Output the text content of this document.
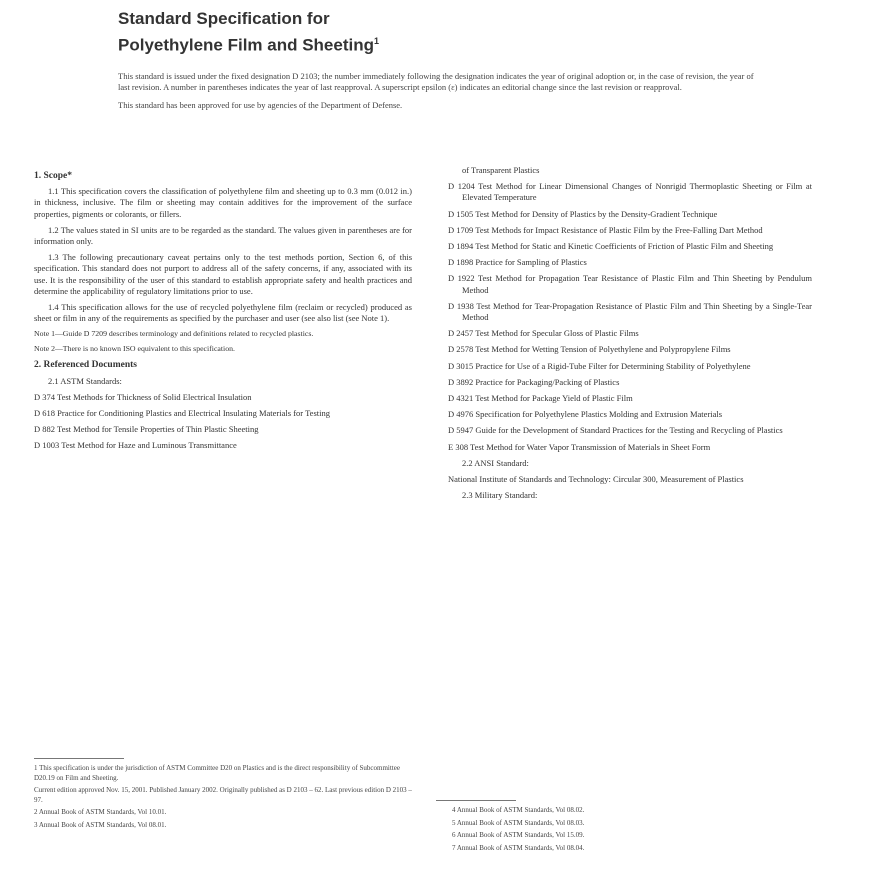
Standard Specification for
Polyethylene Film and Sheeting$^1$

This standard is issued under the fixed designation D 2103; the number immediately following the designation indicates the year of original adoption or, in the case of revision, the year of last revision. A number in parentheses indicates the year of last reapproval. A superscript epsilon (ε) indicates an editorial change since the last revision or reapproval.

This standard has been approved for use by agencies of the Department of Defense.

1. Scope*

1.1 This specification covers the classification of polyethylene film and sheeting up to 0.3 mm (0.012 in.) in thickness, inclusive. The film or sheeting may contain additives for the improvement of the surface properties, pigments or colorants, or fillers.

1.2 The values stated in SI units are to be regarded as the standard. The values given in parentheses are for information only.

1.3 The following precautionary caveat pertains only to the test methods portion, Section 6, of this specification. This standard does not purport to address all of the safety concerns, if any, associated with its use. It is the responsibility of the user of this standard to establish appropriate safety and health practices and determine the applicability of regulatory limitations prior to use.

1.4 This specification allows for the use of recycled polyethylene film (reclaim or recycled) produced as sheet or film in any of the requirements as specified by the purchaser and user (see also list (see Note 1).

Note 1—Guide D 7209 describes terminology and definitions related to recycled plastics.

Note 2—There is no known ISO equivalent to this specification.

2. Referenced Documents

2.1 ASTM Standards:

D 374 Test Methods for Thickness of Solid Electrical Insulation

D 618 Practice for Conditioning Plastics and Electrical Insulating Materials for Testing

D 882 Test Method for Tensile Properties of Thin Plastic Sheeting

D 1003 Test Method for Haze and Luminous Transmittance

of Transparent Plastics

D 1204 Test Method for Linear Dimensional Changes of Nonrigid Thermoplastic Sheeting or Film at Elevated Temperature

D 1505 Test Method for Density of Plastics by the Density-Gradient Technique

D 1709 Test Methods for Impact Resistance of Plastic Film by the Free-Falling Dart Method

D 1894 Test Method for Static and Kinetic Coefficients of Friction of Plastic Film and Sheeting

D 1898 Practice for Sampling of Plastics

D 1922 Test Method for Propagation Tear Resistance of Plastic Film and Thin Sheeting by Pendulum Method

D 1938 Test Method for Tear-Propagation Resistance of Plastic Film and Thin Sheeting by a Single-Tear Method

D 2457 Test Method for Specular Gloss of Plastic Films

D 2578 Test Method for Wetting Tension of Polyethylene and Polypropylene Films

D 3015 Practice for Use of a Rigid-Tube Filter for Determining Stability of Polyethylene

D 3892 Practice for Packaging/Packing of Plastics

D 4321 Test Method for Package Yield of Plastic Film

D 4976 Specification for Polyethylene Plastics Molding and Extrusion Materials

D 5947 Guide for the Development of Standard Practices for the Testing and Recycling of Plastics

E 308 Test Method for Water Vapor Transmission of Materials in Sheet Form

2.2 ANSI Standard:

National Institute of Standards and Technology: Circular 300, Measurement of Plastics

2.3 Military Standard:

1 This specification is under the jurisdiction of ASTM Committee D20 on Plastics and is the direct responsibility of Subcommittee D20.19 on Film and Sheeting.

Current edition approved Nov. 15, 2001. Published January 2002. Originally published as D 2103 – 62. Last previous edition D 2103 – 97.

2 Annual Book of ASTM Standards, Vol 10.01.

3 Annual Book of ASTM Standards, Vol 08.01.

4 Annual Book of ASTM Standards, Vol 08.02.

5 Annual Book of ASTM Standards, Vol 08.03.

6 Annual Book of ASTM Standards, Vol 15.09.

7 Annual Book of ASTM Standards, Vol 08.04.
